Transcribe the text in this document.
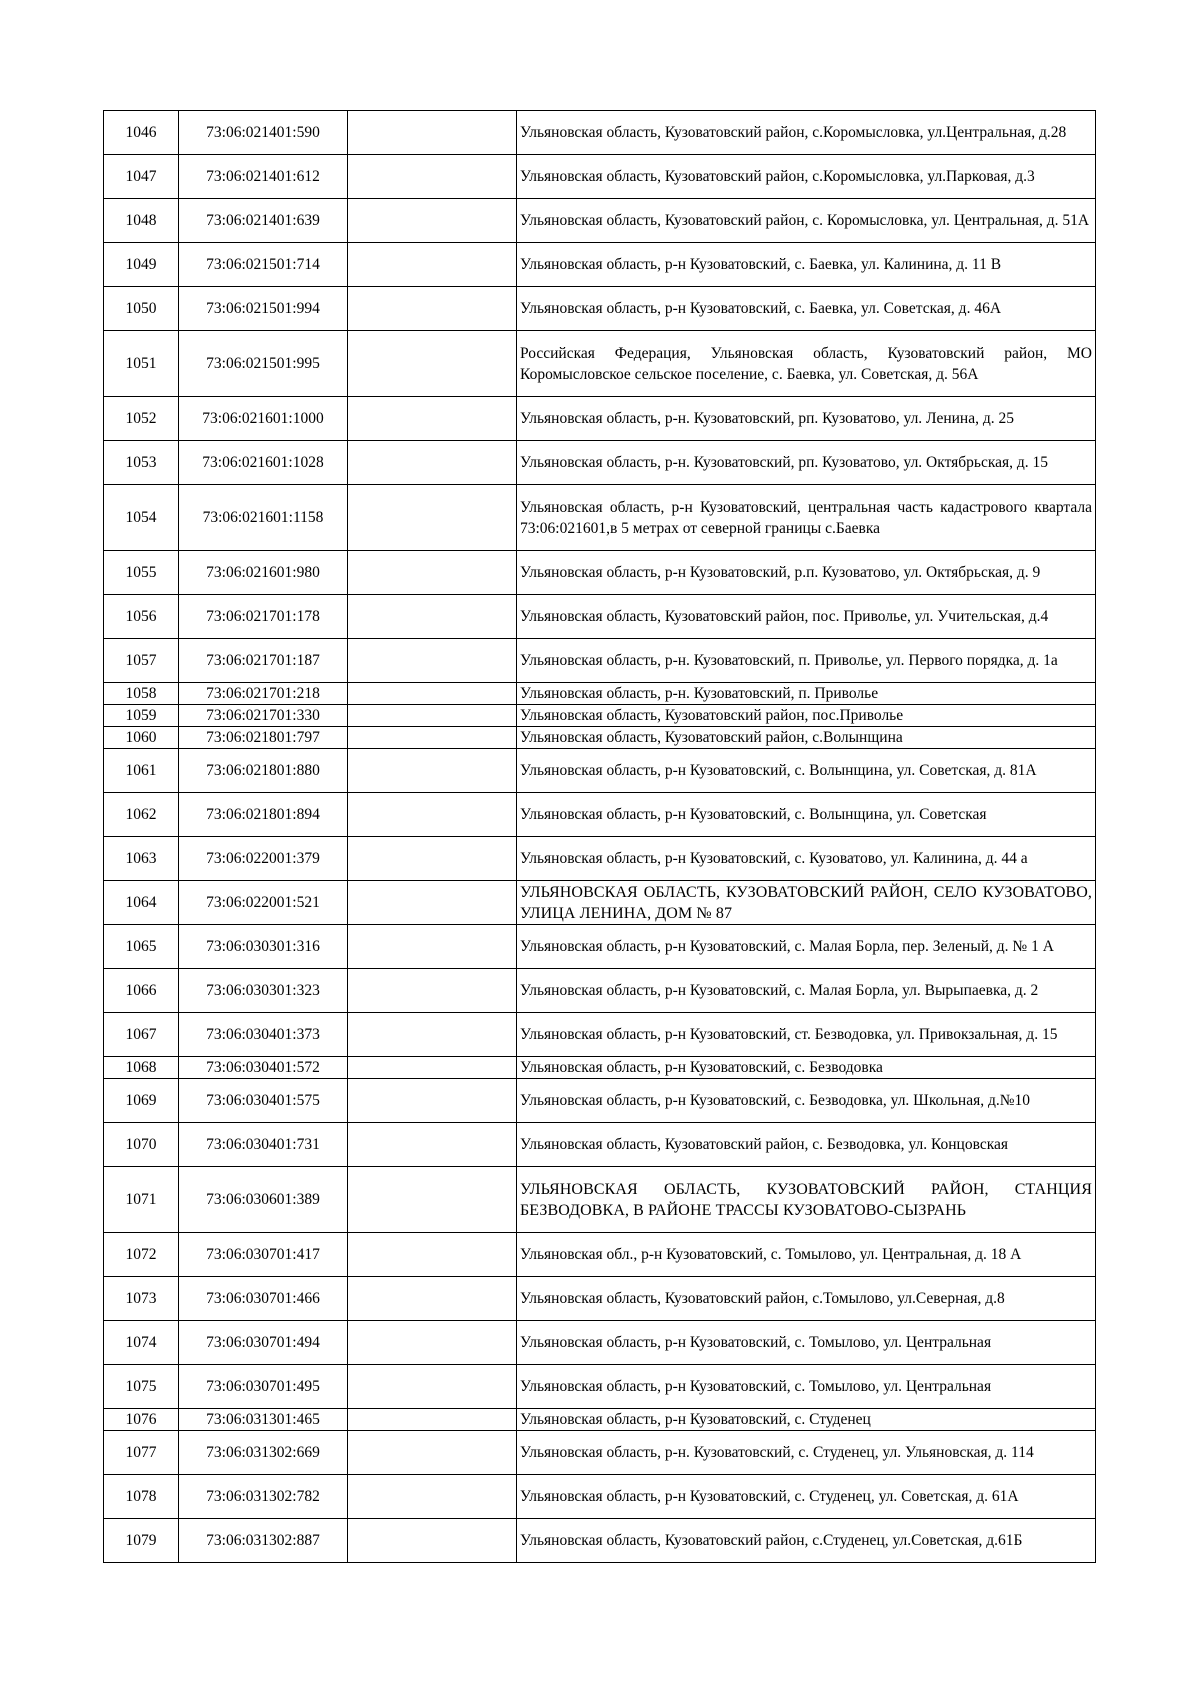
1046	73:06:021401:590		Ульяновская область, Кузоватовский район, с.Коромысловка, ул.Центральная, д.28
1047	73:06:021401:612		Ульяновская область, Кузоватовский район, с.Коромысловка, ул.Парковая, д.3
1048	73:06:021401:639		Ульяновская область, Кузоватовский район, с. Коромысловка, ул. Центральная, д. 51А
1049	73:06:021501:714		Ульяновская область, р-н Кузоватовский, с. Баевка, ул. Калинина, д. 11 В
1050	73:06:021501:994		Ульяновская область, р-н Кузоватовский, с. Баевка, ул. Советская, д. 46А
1051	73:06:021501:995		Российская Федерация, Ульяновская область, Кузоватовский район, МО Коромысловское сельское поселение, с. Баевка, ул. Советская, д. 56А
1052	73:06:021601:1000		Ульяновская область, р-н. Кузоватовский, рп. Кузоватово, ул. Ленина, д. 25
1053	73:06:021601:1028		Ульяновская область, р-н. Кузоватовский, рп. Кузоватово, ул. Октябрьская, д. 15
1054	73:06:021601:1158		Ульяновская область, р-н Кузоватовский, центральная часть кадастрового квартала 73:06:021601,в 5 метрах от северной границы с.Баевка
1055	73:06:021601:980		Ульяновская область, р-н Кузоватовский, р.п. Кузоватово, ул. Октябрьская, д. 9
1056	73:06:021701:178		Ульяновская область, Кузоватовский район, пос. Приволье, ул. Учительская, д.4
1057	73:06:021701:187		Ульяновская область, р-н. Кузоватовский, п. Приволье, ул. Первого порядка, д. 1а
1058	73:06:021701:218		Ульяновская область, р-н. Кузоватовский, п. Приволье
1059	73:06:021701:330		Ульяновская область, Кузоватовский район, пос.Приволье
1060	73:06:021801:797		Ульяновская область, Кузоватовский район, с.Волынщина
1061	73:06:021801:880		Ульяновская область, р-н Кузоватовский, с. Волынщина, ул. Советская, д. 81А
1062	73:06:021801:894		Ульяновская область, р-н Кузоватовский, с. Волынщина, ул. Советская
1063	73:06:022001:379		Ульяновская область, р-н Кузоватовский, с. Кузоватово, ул. Калинина, д. 44 а
1064	73:06:022001:521		УЛЬЯНОВСКАЯ ОБЛАСТЬ, КУЗОВАТОВСКИЙ РАЙОН, СЕЛО КУЗОВАТОВО, УЛИЦА ЛЕНИНА, ДОМ № 87
1065	73:06:030301:316		Ульяновская область, р-н Кузоватовский, с. Малая Борла, пер. Зеленый, д. № 1 А
1066	73:06:030301:323		Ульяновская область, р-н Кузоватовский, с. Малая Борла, ул. Вырыпаевка, д. 2
1067	73:06:030401:373		Ульяновская область, р-н Кузоватовский, ст. Безводовка, ул. Привокзальная, д. 15
1068	73:06:030401:572		Ульяновская область, р-н Кузоватовский, с. Безводовка
1069	73:06:030401:575		Ульяновская область, р-н Кузоватовский, с. Безводовка, ул. Школьная, д.№10
1070	73:06:030401:731		Ульяновская область, Кузоватовский район, с. Безводовка, ул. Концовская
1071	73:06:030601:389		УЛЬЯНОВСКАЯ ОБЛАСТЬ, КУЗОВАТОВСКИЙ РАЙОН, СТАНЦИЯ БЕЗВОДОВКА, В РАЙОНЕ ТРАССЫ КУЗОВАТОВО-СЫЗРАНЬ
1072	73:06:030701:417		Ульяновская обл., р-н Кузоватовский, с. Томылово, ул. Центральная, д. 18 А
1073	73:06:030701:466		Ульяновская область, Кузоватовский район, с.Томылово, ул.Северная, д.8
1074	73:06:030701:494		Ульяновская область, р-н Кузоватовский, с. Томылово, ул. Центральная
1075	73:06:030701:495		Ульяновская область, р-н Кузоватовский, с. Томылово, ул. Центральная
1076	73:06:031301:465		Ульяновская область, р-н Кузоватовский, с. Студенец
1077	73:06:031302:669		Ульяновская область, р-н. Кузоватовский, с. Студенец, ул. Ульяновская, д. 114
1078	73:06:031302:782		Ульяновская область, р-н Кузоватовский, с. Студенец, ул. Советская, д. 61А
1079	73:06:031302:887		Ульяновская область, Кузоватовский район, с.Студенец, ул.Советская, д.61Б
